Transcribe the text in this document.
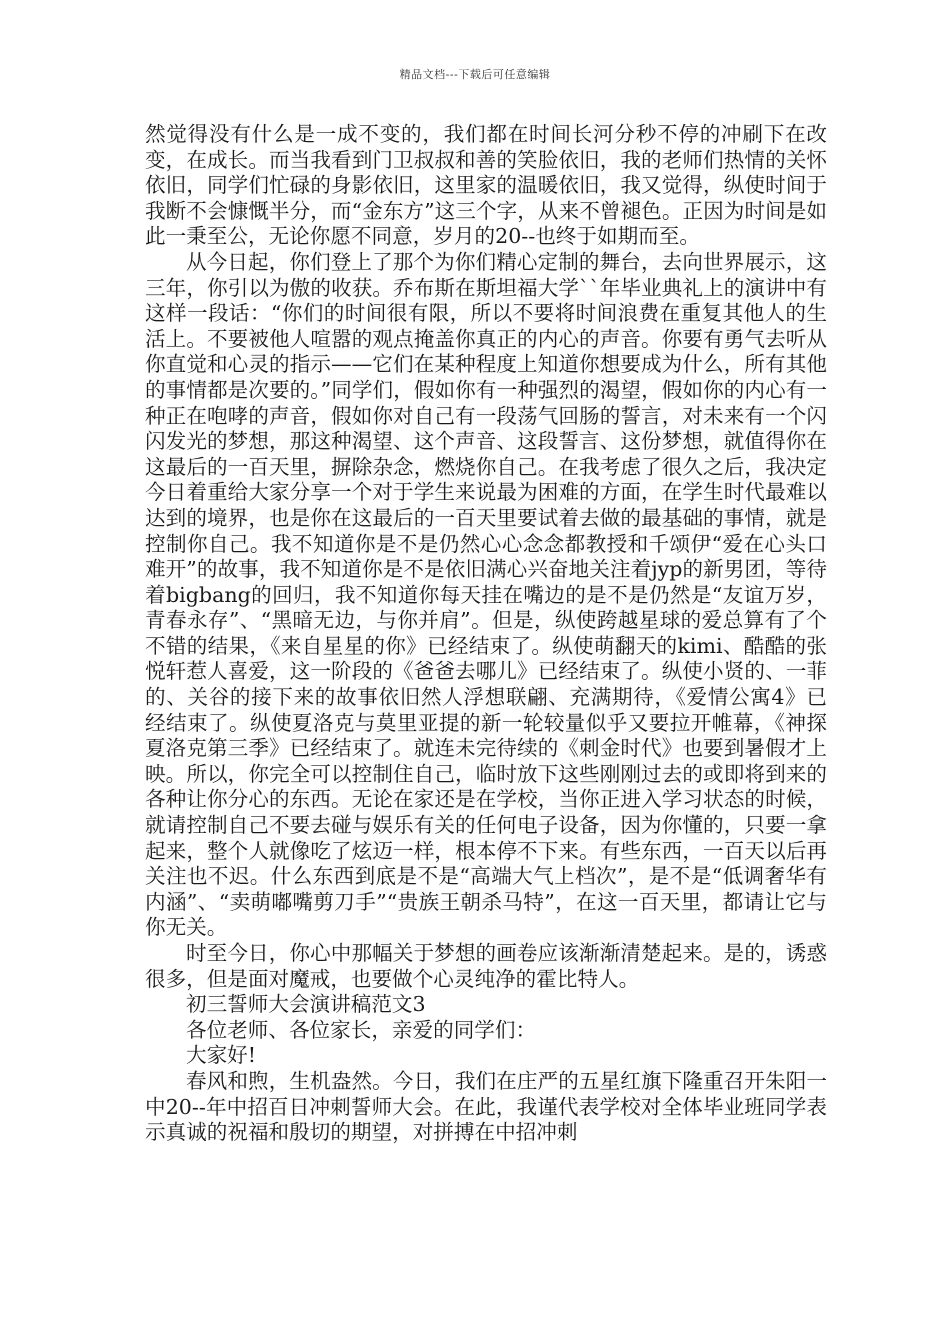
精品文档---下载后可任意编辑

然觉得没有什么是一成不变的，我们都在时间长河分秒不停的冲刷下在改变，在成长。而当我看到门卫叔叔和善的笑脸依旧，我的老师们热情的关怀依旧，同学们忙碌的身影依旧，这里家的温暖依旧，我又觉得，纵使时间于我断不会慷慨半分，而“金东方”这三个字，从来不曾褪色。正因为时间是如此一秉至公，无论你愿不同意，岁月的20--也终于如期而至。

从今日起，你们登上了那个为你们精心定制的舞台，去向世界展示，这三年，你引以为傲的收获。乔布斯在斯坦福大学``年毕业典礼上的演讲中有这样一段话：“你们的时间很有限，所以不要将时间浪费在重复其他人的生活上。不要被他人喧嚣的观点掩盖你真正的内心的声音。你要有勇气去听从你直觉和心灵的指示——它们在某种程度上知道你想要成为什么，所有其他的事情都是次要的。”同学们，假如你有一种强烈的渴望，假如你的内心有一种正在咆哮的声音，假如你对自己有一段荡气回肠的誓言，对未来有一个闪闪发光的梦想，那这种渴望、这个声音、这段誓言、这份梦想，就值得你在这最后的一百天里，摒除杂念，燃烧你自己。在我考虑了很久之后，我决定今日着重给大家分享一个对于学生来说最为困难的方面，在学生时代最难以达到的境界，也是你在这最后的一百天里要试着去做的最基础的事情，就是控制你自己。我不知道你是不是仍然心心念念都教授和千颂伊“爱在心头口难开”的故事，我不知道你是不是依旧满心兴奋地关注着jyp的新男团，等待着bigbang的回归，我不知道你每天挂在嘴边的是不是仍然是“友谊万岁，青春永存”、“黑暗无边，与你并肩”。但是，纵使跨越星球的爱总算有了个不错的结果，《来自星星的你》已经结束了。纵使萌翻天的kimi、酷酷的张悦轩惹人喜爱，这一阶段的《爸爸去哪儿》已经结束了。纵使小贤的、一菲的、关谷的接下来的故事依旧然人浮想联翩、充满期待，《爱情公寓4》已经结束了。纵使夏洛克与莫里亚提的新一轮较量似乎又要拉开帷幕，《神探夏洛克第三季》已经结束了。就连未完待续的《刺金时代》也要到暑假才上映。所以，你完全可以控制住自己，临时放下这些刚刚过去的或即将到来的各种让你分心的东西。无论在家还是在学校，当你正进入学习状态的时候，就请控制自己不要去碰与娱乐有关的任何电子设备，因为你懂的，只要一拿起来，整个人就像吃了炫迈一样，根本停不下来。有些东西，一百天以后再关注也不迟。什么东西到底是不是“高端大气上档次”，是不是“低调奢华有内涵”、“卖萌嘟嘴剪刀手”“贵族王朝杀马特”，在这一百天里，都请让它与你无关。

时至今日，你心中那幅关于梦想的画卷应该渐渐清楚起来。是的，诱惑很多，但是面对魔戒，也要做个心灵纯净的霍比特人。

初三誓师大会演讲稿范文3

各位老师、各位家长，亲爱的同学们：

大家好!

春风和煦，生机盎然。今日，我们在庄严的五星红旗下隆重召开朱阳一中20--年中招百日冲刺誓师大会。在此，我谨代表学校对全体毕业班同学表示真诚的祝福和殷切的期望，对拼搏在中招冲刺
